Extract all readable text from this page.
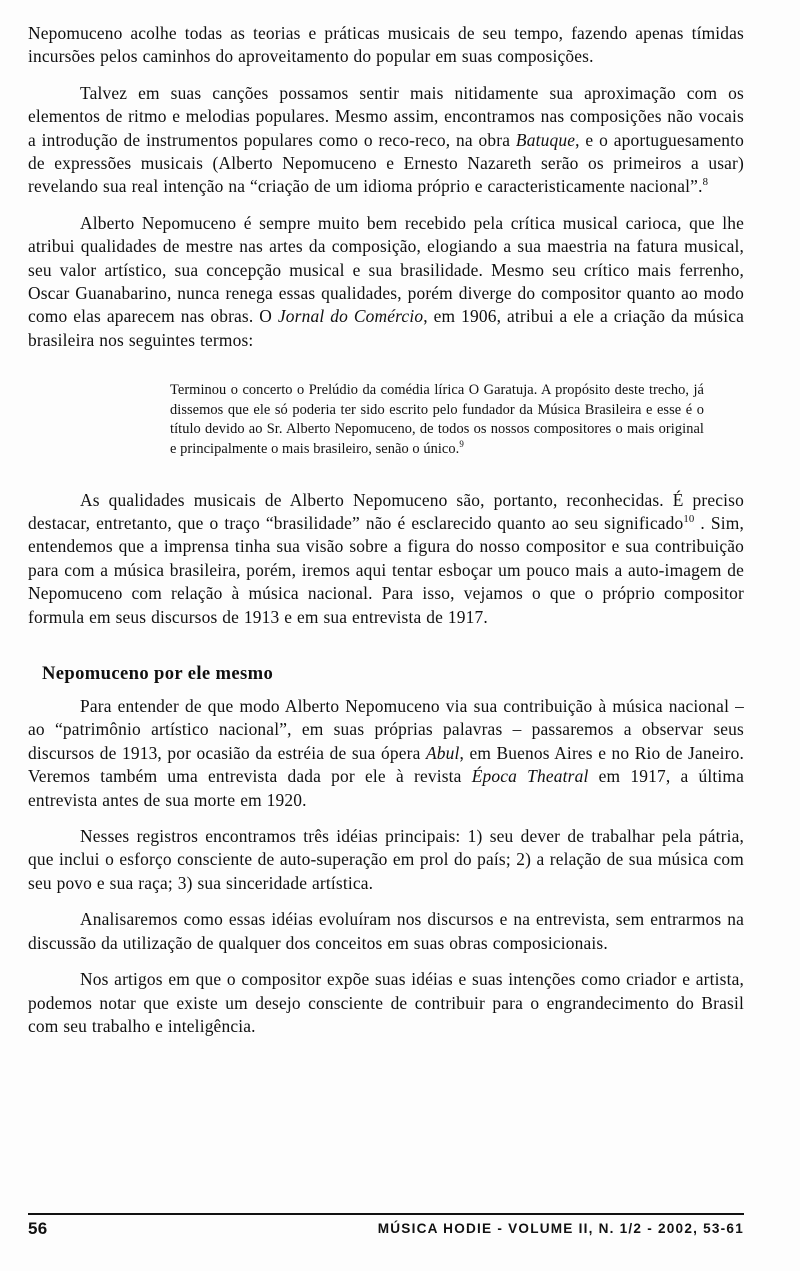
Nepomuceno acolhe todas as teorias e práticas musicais de seu tempo, fazendo apenas tímidas incursões pelos caminhos do aproveitamento do popular em suas composições.

Talvez em suas canções possamos sentir mais nitidamente sua aproximação com os elementos de ritmo e melodias populares. Mesmo assim, encontramos nas composições não vocais a introdução de instrumentos populares como o reco-reco, na obra Batuque, e o aportuguesamento de expressões musicais (Alberto Nepomuceno e Ernesto Nazareth serão os primeiros a usar) revelando sua real intenção na “criação de um idioma próprio e caracteristicamente nacional”.$^8$

Alberto Nepomuceno é sempre muito bem recebido pela crítica musical carioca, que lhe atribui qualidades de mestre nas artes da composição, elogiando a sua maestria na fatura musical, seu valor artístico, sua concepção musical e sua brasilidade. Mesmo seu crítico mais ferrenho, Oscar Guanabarino, nunca renega essas qualidades, porém diverge do compositor quanto ao modo como elas aparecem nas obras. O Jornal do Comércio, em 1906, atribui a ele a criação da música brasileira nos seguintes termos:

Terminou o concerto o Prelúdio da comédia lírica O Garatuja. A propósito deste trecho, já dissemos que ele só poderia ter sido escrito pelo fundador da Música Brasileira e esse é o título devido ao Sr. Alberto Nepomuceno, de todos os nossos compositores o mais original e principalmente o mais brasileiro, senão o único.$^9$

As qualidades musicais de Alberto Nepomuceno são, portanto, reconhecidas. É preciso destacar, entretanto, que o traço “brasilidade” não é esclarecido quanto ao seu significado$^{10}$ . Sim, entendemos que a imprensa tinha sua visão sobre a figura do nosso compositor e sua contribuição para com a música brasileira, porém, iremos aqui tentar esboçar um pouco mais a auto-imagem de Nepomuceno com relação à música nacional. Para isso, vejamos o que o próprio compositor formula em seus discursos de 1913 e em sua entrevista de 1917.

Nepomuceno por ele mesmo

Para entender de que modo Alberto Nepomuceno via sua contribuição à música nacional – ao “patrimônio artístico nacional”, em suas próprias palavras – passaremos a observar seus discursos de 1913, por ocasião da estréia de sua ópera Abul, em Buenos Aires e no Rio de Janeiro. Veremos também uma entrevista dada por ele à revista Época Theatral em 1917, a última entrevista antes de sua morte em 1920.

Nesses registros encontramos três idéias principais: 1) seu dever de trabalhar pela pátria, que inclui o esforço consciente de auto-superação em prol do país; 2) a relação de sua música com seu povo e sua raça; 3) sua sinceridade artística.

Analisaremos como essas idéias evoluíram nos discursos e na entrevista, sem entrarmos na discussão da utilização de qualquer dos conceitos em suas obras composicionais.

Nos artigos em que o compositor expõe suas idéias e suas intenções como criador e artista, podemos notar que existe um desejo consciente de contribuir para o engrandecimento do Brasil com seu trabalho e inteligência.

56	MÚSICA HODIE - VOLUME II, N. 1/2 - 2002, 53-61
